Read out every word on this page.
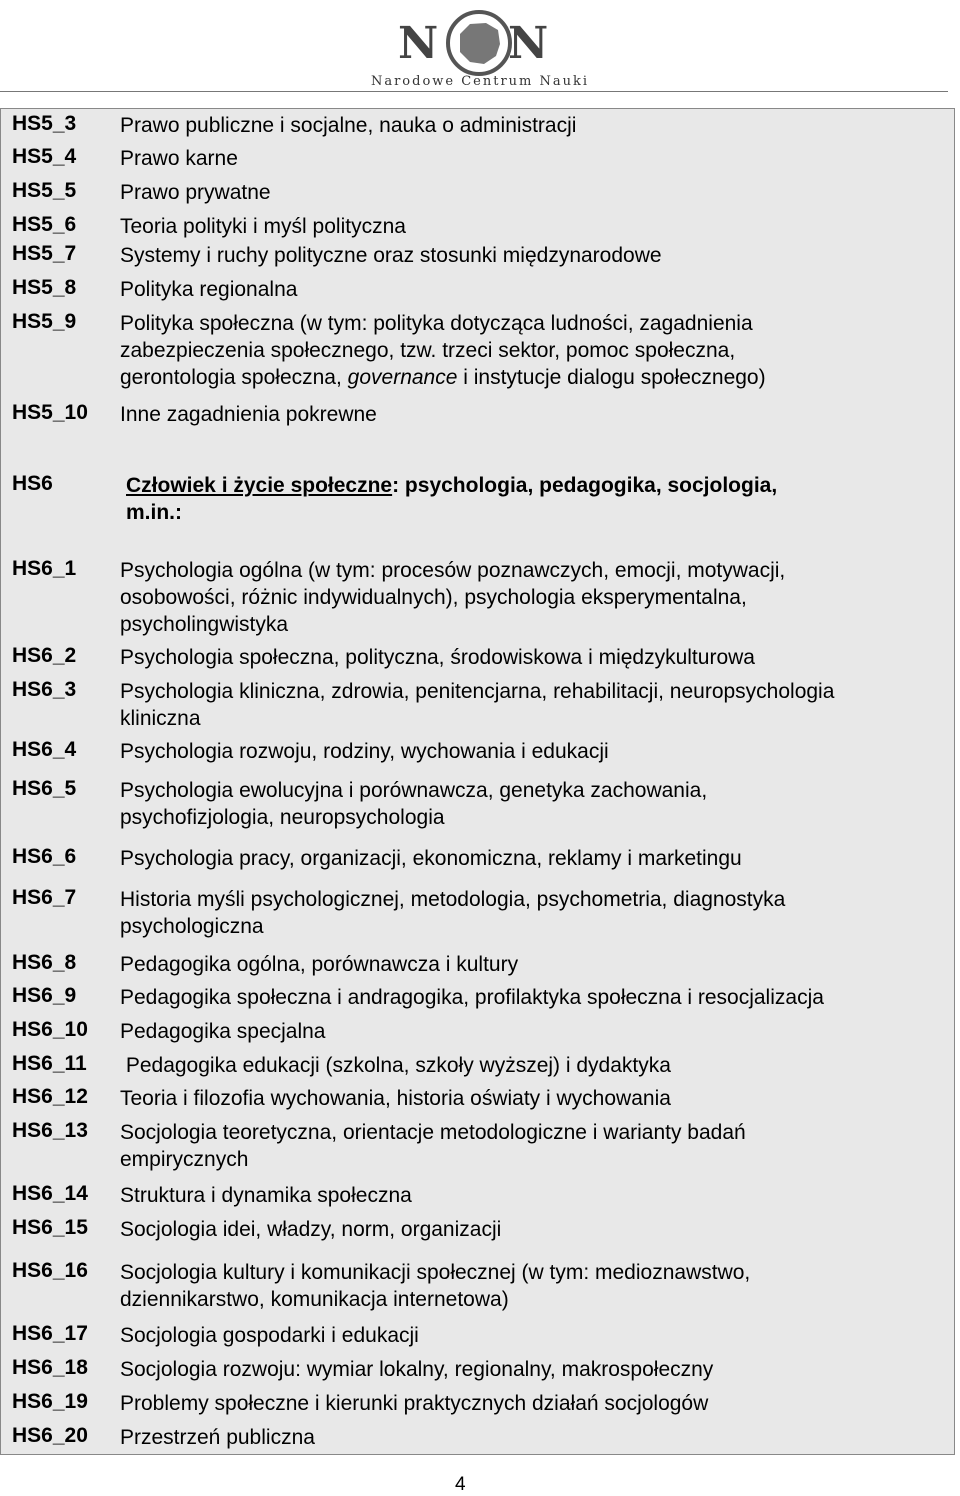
N N
Narodowe Centrum Nauki
HS5_3 Prawo publiczne i socjalne, nauka o administracji
HS5_4 Prawo karne
HS5_5 Prawo prywatne
HS5_6 Teoria polityki i myśl polityczna
HS5_7 Systemy i ruchy polityczne oraz stosunki międzynarodowe
HS5_8 Polityka regionalna
HS5_9 Polityka społeczna (w tym: polityka dotycząca ludności, zagadnienia
zabezpieczenia społecznego, tzw. trzeci sektor, pomoc społeczna,
gerontologia społeczna, governance i instytucje dialogu społecznego)
HS5_10 Inne zagadnienia pokrewne
HS6	Człowiek i życie społeczne: psychologia, pedagogika, socjologia,
m.in.:
HS6_1 Psychologia ogólna (w tym: procesów poznawczych, emocji, motywacji,
osobowości, różnic indywidualnych), psychologia eksperymentalna,
psycholingwistyka
HS6_2 Psychologia społeczna, polityczna, środowiskowa i międzykulturowa
HS6_3 Psychologia kliniczna, zdrowia, penitencjarna, rehabilitacji, neuropsychologia
kliniczna
HS6_4 Psychologia rozwoju, rodziny, wychowania i edukacji
HS6_5 Psychologia ewolucyjna i porównawcza, genetyka zachowania,
psychofizjologia, neuropsychologia
HS6_6 Psychologia pracy, organizacji, ekonomiczna, reklamy i marketingu
HS6_7 Historia myśli psychologicznej, metodologia, psychometria, diagnostyka
psychologiczna
HS6_8 Pedagogika ogólna, porównawcza i kultury
HS6_9 Pedagogika społeczna i andragogika, profilaktyka społeczna i resocjalizacja
HS6_10 Pedagogika specjalna
HS6_11 Pedagogika edukacji (szkolna, szkoły wyższej) i dydaktyka
HS6_12 Teoria i filozofia wychowania, historia oświaty i wychowania
HS6_13 Socjologia teoretyczna, orientacje metodologiczne i warianty badań
empirycznych
HS6_14 Struktura i dynamika społeczna
HS6_15 Socjologia idei, władzy, norm, organizacji
HS6_16 Socjologia kultury i komunikacji społecznej (w tym: medioznawstwo,
dziennikarstwo, komunikacja internetowa)
HS6_17 Socjologia gospodarki i edukacji
HS6_18 Socjologia rozwoju: wymiar lokalny, regionalny, makrospołeczny
HS6_19 Problemy społeczne i kierunki praktycznych działań socjologów
HS6_20 Przestrzeń publiczna
4
